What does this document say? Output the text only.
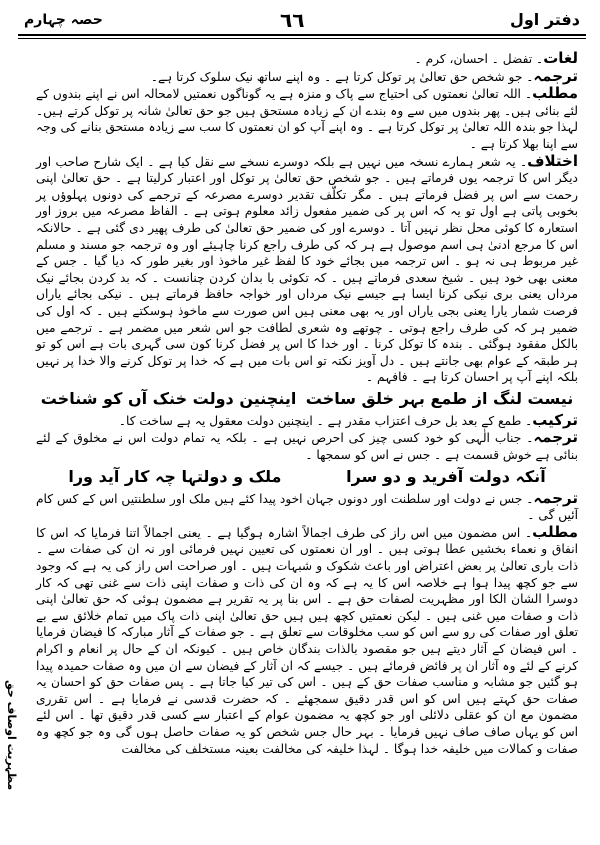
دفتر اول
٦٦
حصہ چہارم

لغات۔ تفضل ۔ احسان، کرم ۔

ترجمہ۔ جو شخص حق تعالیٰ پر توکل کرتا ہے ۔ وہ اپنے ساتھ نیک سلوک کرتا ہے۔

مطلب۔ اللہ تعالیٰ نعمتوں کی احتیاج سے پاک و منزہ ہے یہ گوناگوں نعمتیں لامحالہ اس نے اپنے بندوں کے لئے بنائی ہیں۔ پھر بندوں میں سے وہ بندے ان کے زیادہ مستحق ہیں جو حق تعالیٰ شانہ پر توکل کرتے ہیں۔ لہذا جو بندہ اللہ تعالیٰ پر توکل کرتا ہے ۔ وہ اپنے آپ کو ان نعمتوں کا سب سے زیادہ مستحق بنانے کی وجہ سے اپنا بھلا کرتا ہے ۔

اختلاف۔ یہ شعر ہمارے نسخہ میں نہیں ہے بلکہ دوسرے نسخے سے نقل کیا ہے ۔ ایک شارح صاحب اور دیگر اس کا ترجمہ یوں فرماتے ہیں ۔ جو شخص حق تعالیٰ پر توکل اور اعتبار کرلیتا ہے ۔ حق تعالیٰ اپنی رحمت سے اس پر فضل فرماتے ہیں ۔ مگر تکلّف تقدیر دوسرے مصرعہ کے ترجمے کی دونوں پہلوؤں پر بخوبی پاتی ہے اول تو یہ کہ اس پر کی ضمیر مفعول زائد معلوم ہوتی ہے ۔ الفاظ مصرعہ میں بروز اور استعارہ کا کوئی محل نظر نہیں آتا ۔ دوسرے اور کی ضمیر حق تعالیٰ کی طرف پھیر دی گئی ہے ۔ حالانکہ اس کا مرجع ادنیٰ ہی اسم موصول ہے ہر کہ کی طرف راجع کرنا چاہیئے اور وہ ترجمہ جو مسند و مسلم غیر مربوط ہی نہ ہو ۔ اس ترجمہ میں بجائے خود کا لفظ غیر ماخوذ اور بغیر طور کہ دیا گیا ۔ جس کے معنی بھی خود ہیں ۔ شیخ سعدی فرماتے ہیں ۔ کہ تکوئی با بدان کردن چنانست ۔ کہ بد کردن بجائے نیک مرداں یعنی بری نیکی کرنا ایسا ہے جیسے نیک مرداں اور خواجہ حافظ فرماتے ہیں ۔ نیکی بجائے یاراں فرصت شمار یارا یعنی بجی یاراں اور یہ بھی معنی ہیں اس صورت سے ماخوذ ہوسکتے ہیں ۔ کہ اول کی ضمیر ہر کہ کی طرف راجع ہوتی ۔ چوتھے وہ شعری لطافت جو اس شعر میں مضمر ہے ۔ ترجمے میں بالکل مفقود ہوگئی ۔ بندہ کا توکل کرنا ۔ اور خدا کا اس پر فضل کرنا کون سی گہری بات ہے اس کو تو ہر طبقہ کے عوام بھی جانتے ہیں ۔ دل آویز نکتہ تو اس بات میں ہے کہ خدا پر توکل کرنے والا خدا پر نہیں بلکہ اپنے آپ پر احسان کرتا ہے ۔ فافہم ۔

نیست لنگ از طمع بہر خلق ساخت
اینچنین دولت خنک آں کو شناخت

ترکیب۔ طمع کے بعد بل حرف اعتزاب مقدر ہے ۔ اینچنین دولت معقول یہ ہے ساخت کا۔

ترجمہ۔ جناب الٰہی کو خود کسی چیز کی احرص نہیں ہے ۔ بلکہ یہ تمام دولت اس نے مخلوق کے لئے بنائی ہے خوش قسمت ہے ۔ جس نے اس کو سمجھا ۔

آنکہ دولت آفرید و دو سرا
ملک و دولتہا چہ کار آید ورا

ترجمہ۔ جس نے دولت اور سلطنت اور دونوں جہان اخود پیدا کئے ہیں ملک اور سلطنتیں اس کے کس کام آئیں گی ۔

مطلب۔ اس مضمون میں اس راز کی طرف اجمالاً اشارہ ہوگیا ہے ۔ یعنی اجمالاً اتنا فرمایا کہ اس کا انفاق و نعماء بخشیں عطا ہوتی ہیں ۔ اور ان نعمتوں کی تعیین نہیں فرمائی اور نہ ان کی صفات سے ۔ ذات باری تعالیٰ پر بعض اعتراض اور باعث شکوک و شبہات ہیں ۔ اور صراحت اس راز کی یہ ہے کہ وجود سے جو کچھ پیدا ہوا ہے خلاصہ اس کا یہ ہے کہ وہ ان کی ذات و صفات اپنی ذات سے غنی تھی کہ کار دوسرا الشان الکا اور مظہریت لصفات حق ہے ۔ اس بنا پر یہ تقریر ہے مضمون ہوئی کہ حق تعالیٰ اپنی ذات و صفات میں غنی ہیں ۔ لیکن نعمتیں کچھ ہیں ہیں حق تعالیٰ اپنی ذات پاک میں تمام خلائق سے بے تعلق اور صفات کی رو سے اس کو سب مخلوقات سے تعلق ہے ۔ جو صفات کے آثار مبارکہ کا فیضان فرمایا ۔ اس فیضان کے آثار دیتے ہیں جو مقصود بالذات بندگان خاص ہیں ۔ کیونکہ ان کے حال پر انعام و اکرام کرنے کے لئے وہ آثار ان پر فائض فرمائے ہیں ۔ جیسے کہ ان آثار کے فیضان سے ان میں وہ صفات حمیدہ پیدا ہو گئیں جو مشابہ و مناسب صفات حق کے ہیں ۔ اس کی تیر کیا جاتا ہے ۔ پس صفات حق کو احسان یہ صفات حق کہتے ہیں اس کو اس قدر دقیق سمجھئے ۔ کہ حضرت قدسی نے فرمایا ہے ۔ اس تقرری مضمون مع ان کو عقلی دلائلی اور جو کچھ یہ مضمون عوام کے اعتبار سے کسی قدر دقیق تھا ۔ اس لئے اس کو یہاں صاف صاف نہیں فرمایا ۔ بہر حال جس شخص کو یہ صفات حاصل ہوں گی وہ جو کچھ وہ صفات و کمالات میں خلیفہ خدا ہوگا ۔ لہذا خلیفہ کی مخالفت بعینہ مستخلف کی مخالفت

مظہریت اوصاف حق
